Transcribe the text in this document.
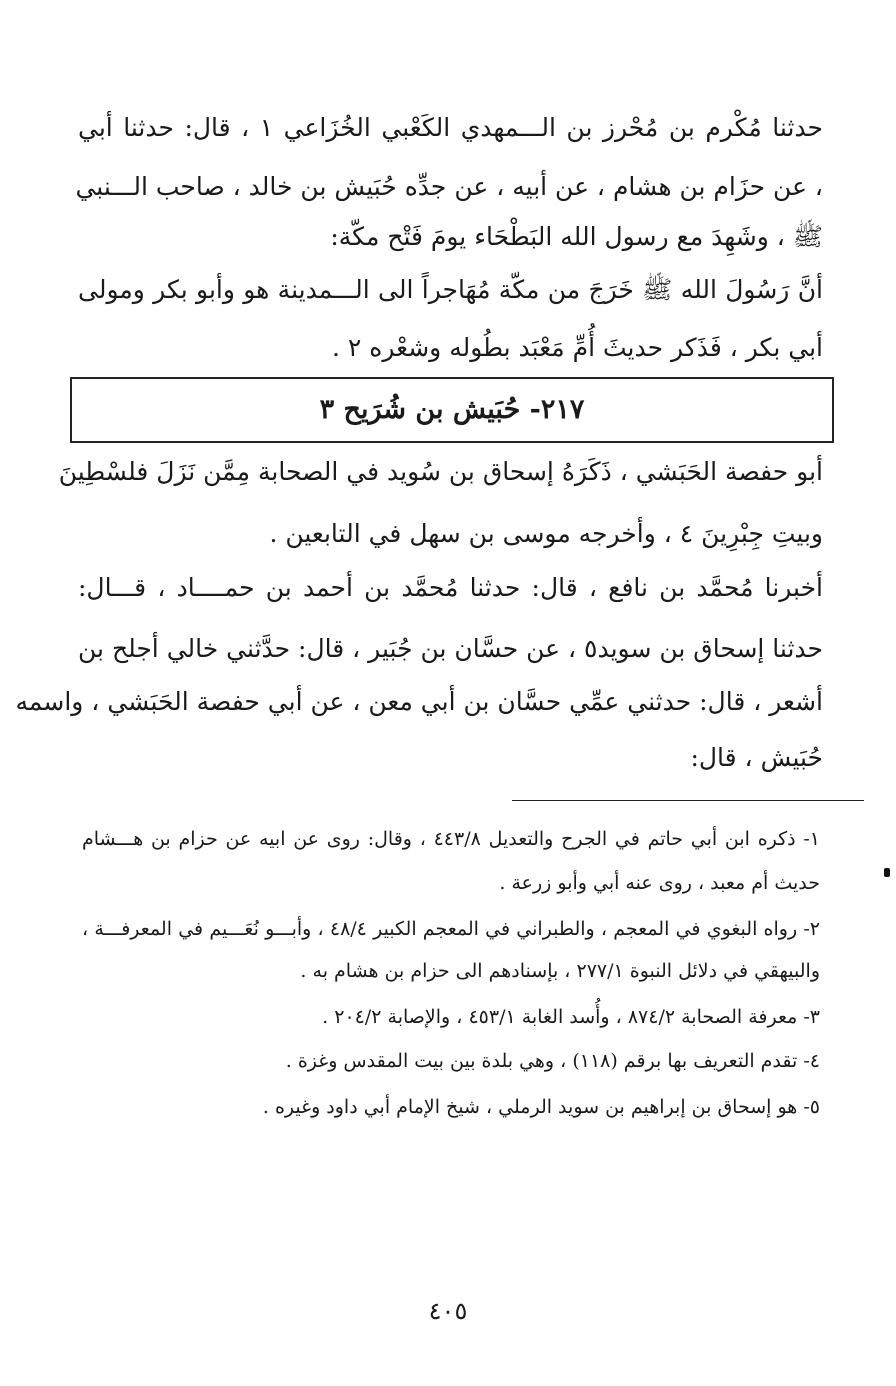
حدثنا مُكْرم بن مُحْرز بن الـــمهدي الكَعْبي الخُزَاعي ١ ، قال: حدثنا أبي
، عن حزَام بن هشام ، عن أبيه ، عن جدِّه حُبَيش بن خالد ، صاحب الـــنبي
ﷺ ، وشَهِدَ مع رسول الله البَطْحَاء يومَ فَتْح مكّة:
أنَّ رَسُولَ الله ﷺ خَرَجَ من مكّة مُهَاجراً الى الـــمدينة هو وأبو بكر ومولى
أبي بكر ، فَذَكر حديثَ أُمِّ مَعْبَد بطُوله وشعْره ٢ .
٢١٧- حُبَيش بن شُرَيح ٣
أبو حفصة الحَبَشي ، ذَكَرَهُ إسحاق بن سُويد في الصحابة مِمَّن نَزَلَ فلسْطِينَ
وبيتِ جِبْرِينَ ٤ ، وأخرجه موسى بن سهل في التابعين .
أخبرنا مُحمَّد بن نافع ، قال: حدثنا مُحمَّد بن أحمد بن حمــــاد ، قـــال:
حدثنا إسحاق بن سويد٥ ، عن حسَّان بن جُبَير ، قال: حدَّثني خالي أجلح بن
أشعر ، قال: حدثني عمِّي حسَّان بن أبي معن ، عن أبي حفصة الحَبَشي ، واسمه
حُبَيش ، قال:
١- ذكره ابن أبي حاتم في الجرح والتعديل ٤٤٣/٨ ، وقال: روى عن ابيه عن حزام بن هـــشام
حديث أم معبد ، روى عنه أبي وأبو زرعة .
٢- رواه البغوي في المعجم ، والطبراني في المعجم الكبير ٤٨/٤ ، وأبـــو نُعَـــيم في المعرفـــة ،
والبيهقي في دلائل النبوة ٢٧٧/١ ، بإسنادهم الى حزام بن هشام به .
٣- معرفة الصحابة ٨٧٤/٢ ، وأُسد الغابة ٤٥٣/١ ، والإصابة ٢٠٤/٢ .
٤- تقدم التعريف بها برقم (١١٨) ، وهي بلدة بين بيت المقدس وغزة .
٥- هو إسحاق بن إبراهيم بن سويد الرملي ، شيخ الإمام أبي داود وغيره .
٤٠٥
